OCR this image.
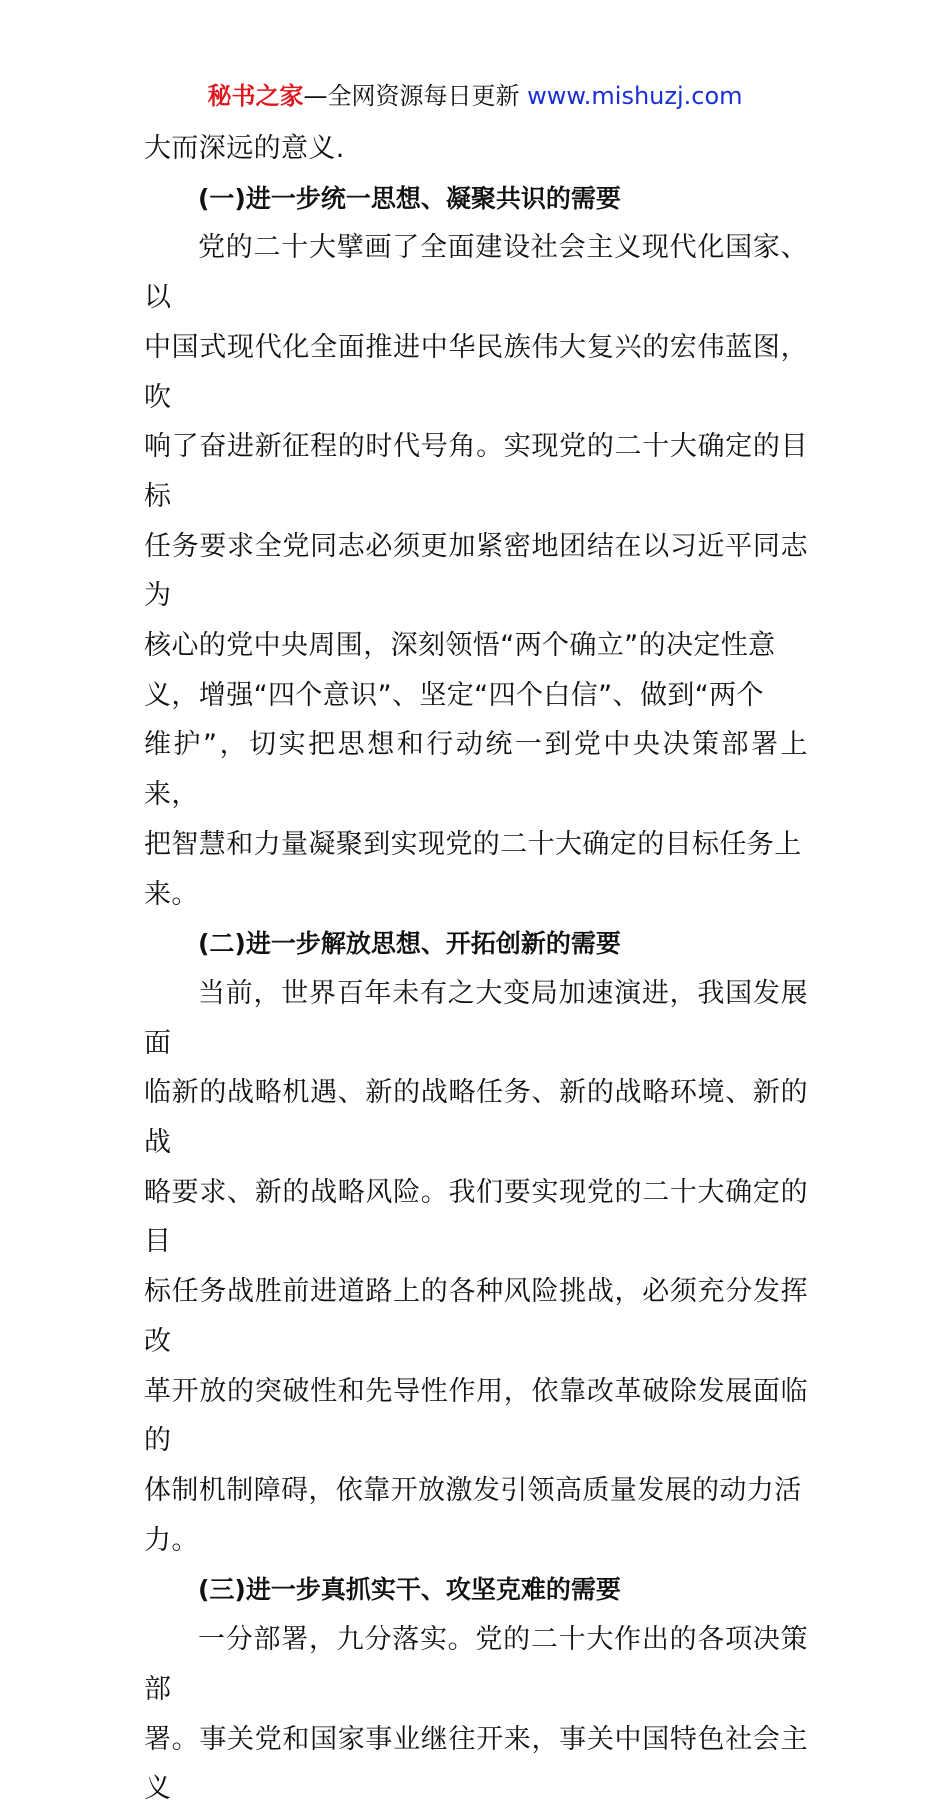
秘书之家—全网资源每日更新 www.mishuzj.com

大而深远的意义.

(一)进一步统一思想、凝聚共识的需要

党的二十大擘画了全面建设社会主义现代化国家、以

中国式现代化全面推进中华民族伟大复兴的宏伟蓝图，吹

响了奋进新征程的时代号角。实现党的二十大确定的目标

任务要求全党同志必须更加紧密地团结在以习近平同志为

核心的党中央周围，深刻领悟“两个确立”的决定性意

义，增强“四个意识”、坚定“四个白信”、做到“两个

维护”，切实把思想和行动统一到党中央决策部署上来，

把智慧和力量凝聚到实现党的二十大确定的目标任务上

来。

(二)进一步解放思想、开拓创新的需要

当前，世界百年未有之大变局加速演进，我国发展面

临新的战略机遇、新的战略任务、新的战略环境、新的战

略要求、新的战略风险。我们要实现党的二十大确定的目

标任务战胜前进道路上的各种风险挑战，必须充分发挥改

革开放的突破性和先导性作用，依靠改革破除发展面临的

体制机制障碍，依靠开放激发引领高质量发展的动力活

力。

(三)进一步真抓实干、攻坚克难的需要

一分部署，九分落实。党的二十大作出的各项决策部

署。事关党和国家事业继往开来，事关中国特色社会主义
